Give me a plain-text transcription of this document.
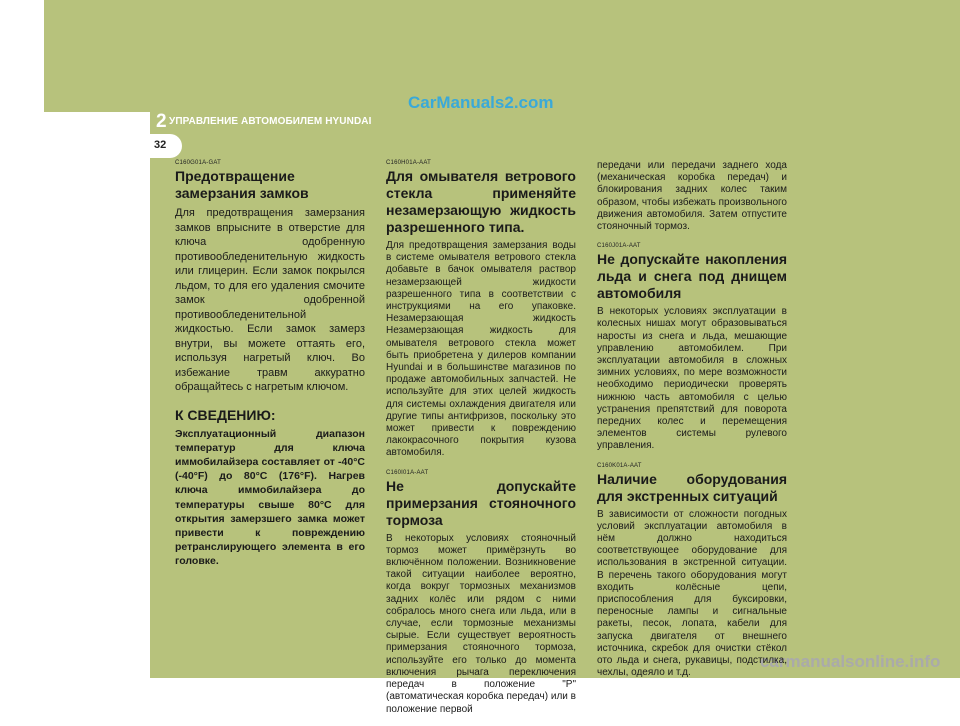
2 УПРАВЛЕНИЕ АВТОМОБИЛЕМ HYUNDAI
32
CarManuals2.com
carmanualsonline.info
C160G01A-GAT
Предотвращение замерзания замков
Для предотвращения замерзания замков впрысните в отверстие для ключа одобренную противообледенительную жидкость или глицерин. Если замок покрылся льдом, то для его удаления смочите замок одобренной противообледенительной жидкостью. Если замок замерз внутри, вы можете оттаять его, используя нагретый ключ. Во избежание травм аккуратно обращайтесь с нагретым ключом.
К СВЕДЕНИЮ:
Эксплуатационный диапазон температур для ключа иммобилайзера составляет от -40°C (-40°F) до 80°C (176°F). Нагрев ключа иммобилайзера до температуры свыше 80°C для открытия замерзшего замка может привести к повреждению ретранслирующего элемента в его головке.
C160H01A-AAT
Для омывателя ветрового стекла применяйте незамерзающую жидкость разрешенного типа.
Для предотвращения замерзания воды в системе омывателя ветрового стекла добавьте в бачок омывателя раствор незамерзающей жидкости разрешенного типа в соответствии с инструкциями на его упаковке. Незамерзающая жидкость Незамерзающая жидкость для омывателя ветрового стекла может быть приобретена у дилеров компании Hyundai и в большинстве магазинов по продаже автомобильных запчастей. Не используйте для этих целей жидкость для системы охлаждения двигателя или другие типы антифризов, поскольку это может привести к повреждению лакокрасочного покрытия кузова автомобиля.
C160I01A-AAT
Не допускайте примерзания стояночного тормоза
В некоторых условиях стояночный тормоз может примёрзнуть во включённом положении. Возникновение такой ситуации наиболее вероятно, когда вокруг тормозных механизмов задних колёс или рядом с ними собралось много снега или льда, или в случае, если тормозные механизмы сырые. Если существует вероятность примерзания стояночного тормоза, используйте его только до момента включения рычага переключения передач в положение "P" (автоматическая коробка передач) или в положение первой
передачи или передачи заднего хода (механическая коробка передач) и блокирования задних колес таким образом, чтобы избежать произвольного движения автомобиля. Затем отпустите стояночный тормоз.
C160J01A-AAT
Не допускайте накопления льда и снега под днищем автомобиля
В некоторых условиях эксплуатации в колесных нишах могут образовываться наросты из снега и льда, мешающие управлению автомобилем. При эксплуатации автомобиля в сложных зимних условиях, по мере возможности необходимо периодически проверять нижнюю часть автомобиля с целью устранения препятствий для поворота передних колес и перемещения элементов системы рулевого управления.
C160K01A-AAT
Наличие оборудования для экстренных ситуаций
В зависимости от сложности погодных условий эксплуатации автомобиля в нём должно находиться соответствующее оборудование для использования в экстренной ситуации. В перечень такого оборудования могут входить колёсные цепи, приспособления для буксировки, переносные лампы и сигнальные ракеты, песок, лопата, кабели для запуска двигателя от внешнего источника, скребок для очистки стёкол ото льда и снега, рукавицы, подстилка, чехлы, одеяло и т.д.
